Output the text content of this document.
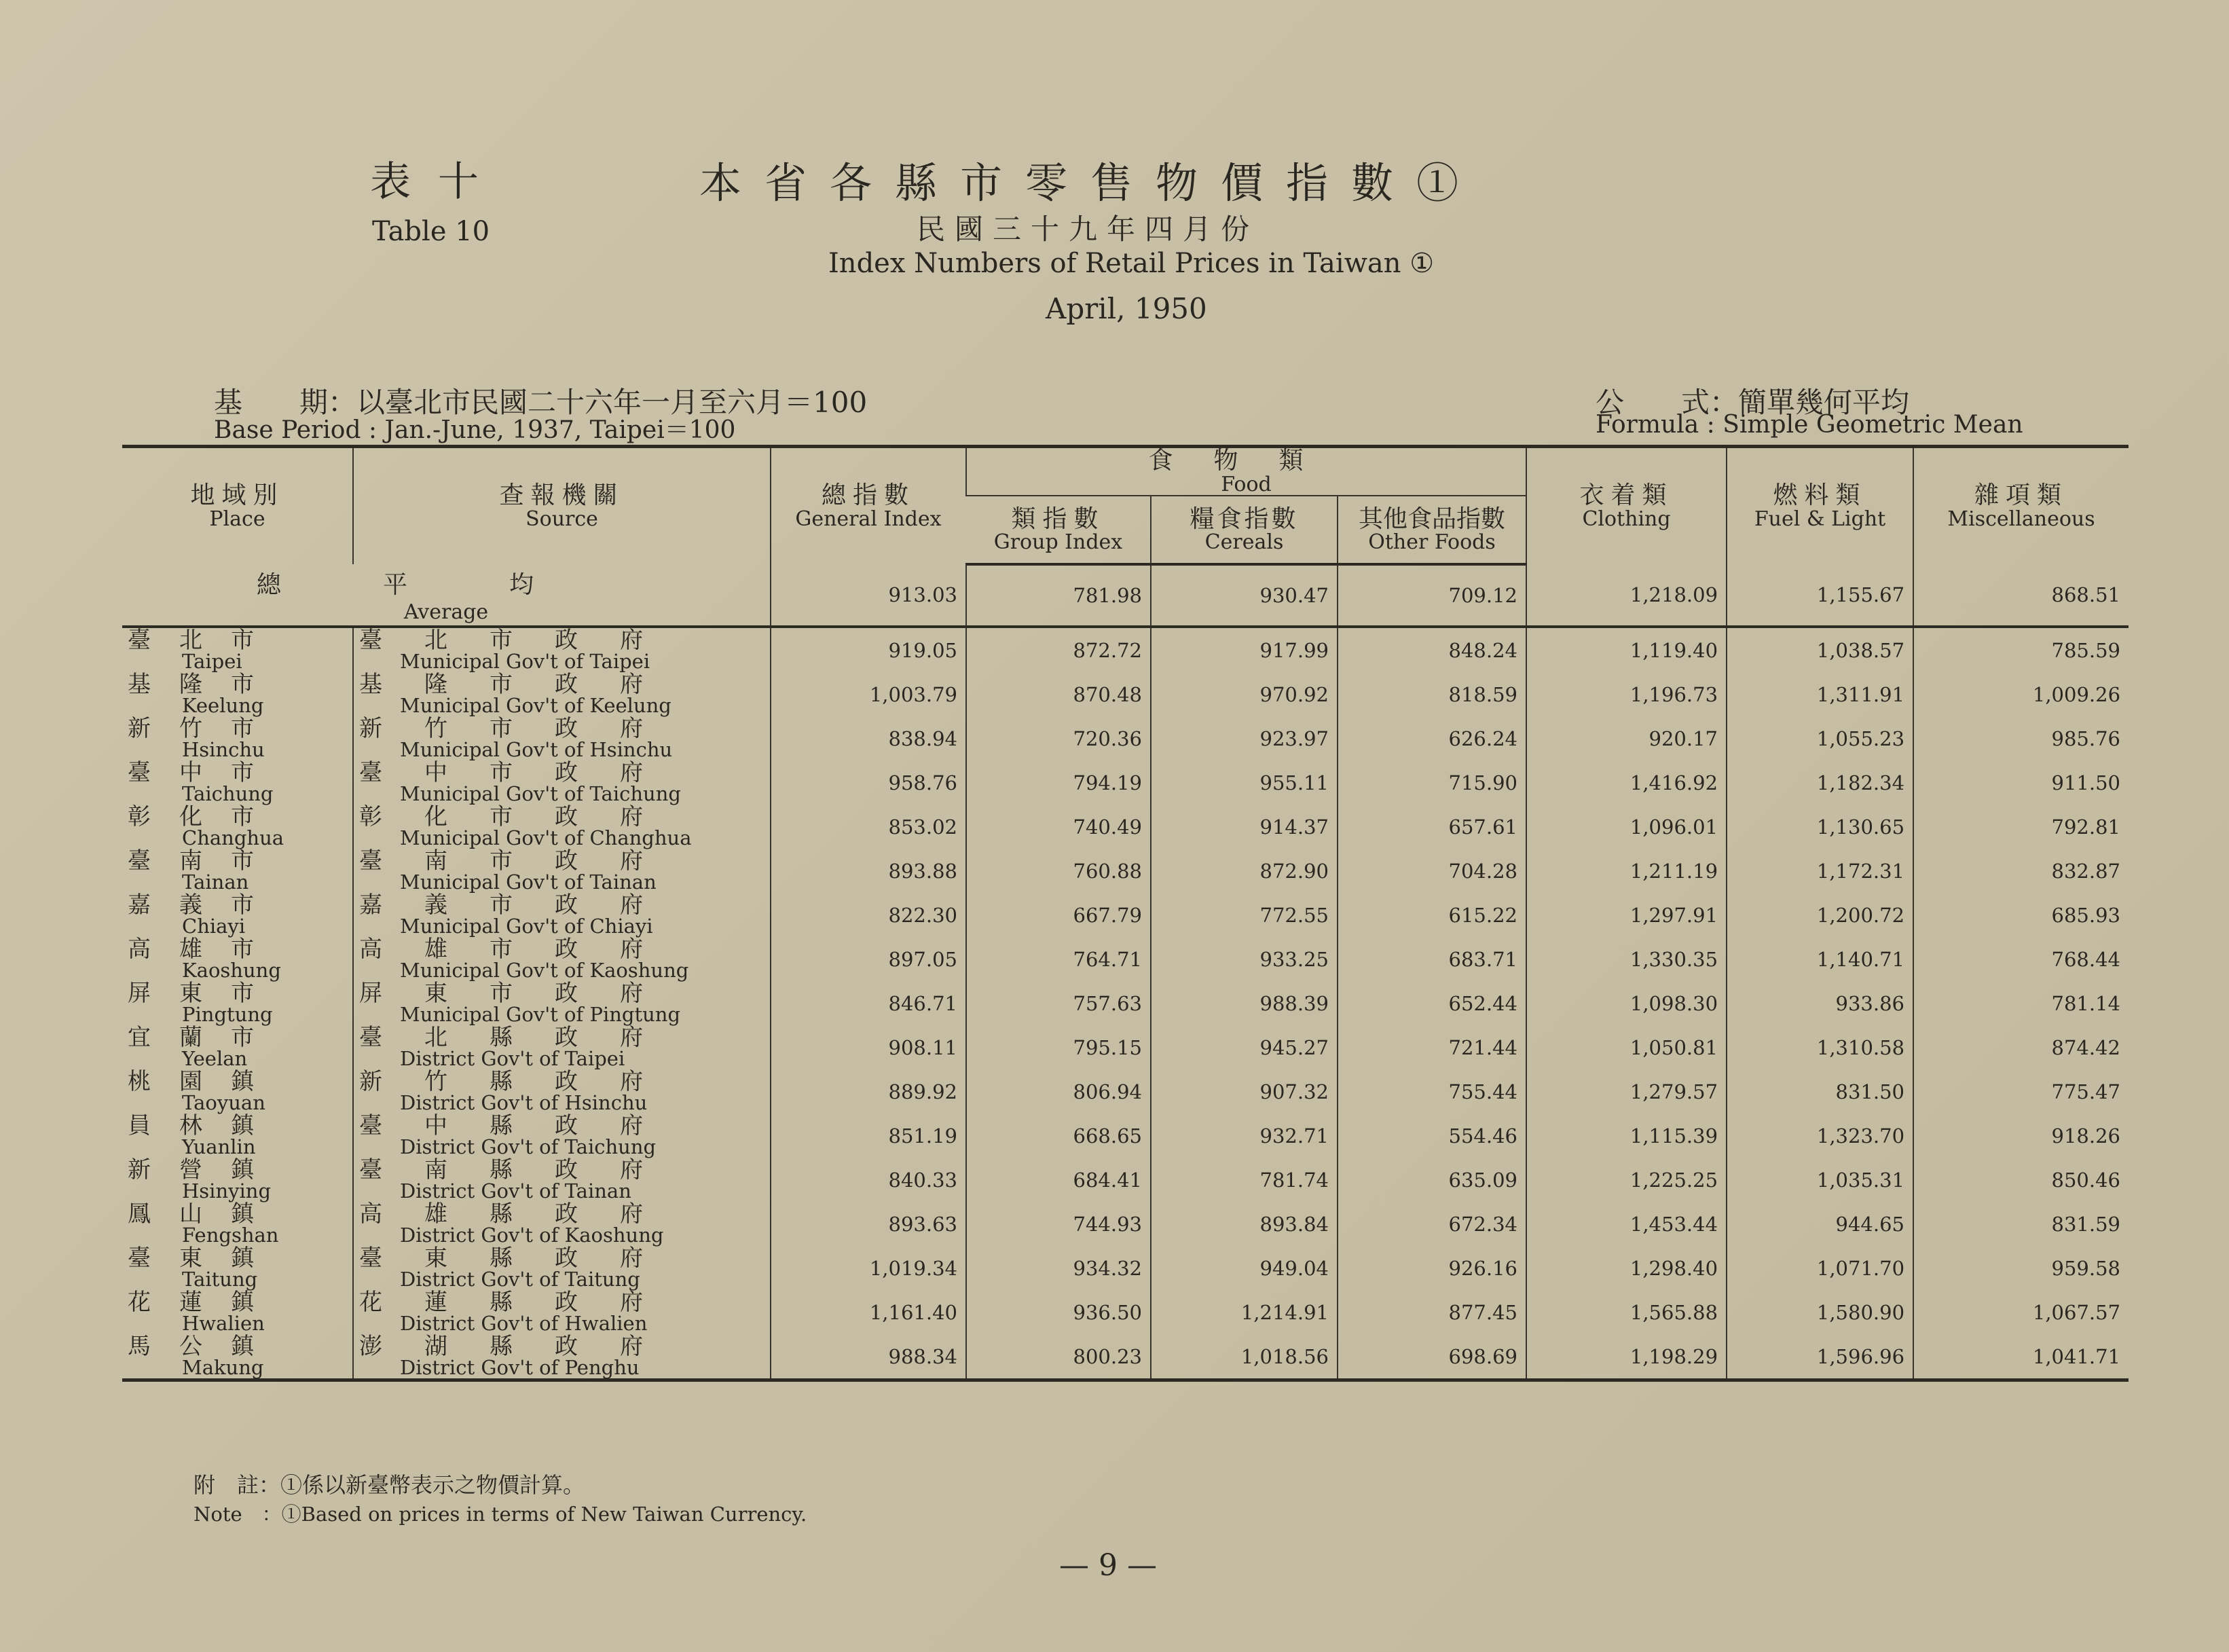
表十
Table 10
本省各縣市零售物價指數①
民國三十九年四月份
Index Numbers of Retail Prices in Taiwan ①
April, 1950
基　　期：以臺北市民國二十六年一月至六月＝100
Base Period : Jan.-June, 1937, Taipei＝100
公　　式：簡單幾何平均
Formula : Simple Geometric Mean
地域別
Place	查報機關
Source	總指數
General Index	食物類
Food			衣着類
Clothing	燃料類
Fuel & Light	雜項類
Miscellaneous

			類指數
Group Index	糧食指數
Cereals	其他食品指數
Other Foods			

總平均
Average		913.03	781.98	930.47	709.12	1,218.09	1,155.67	868.51

臺北市
Taipei	臺北市政府
Municipal Gov't of Taipei	919.05	872.72	917.99	848.24	1,119.40	1,038.57	785.59

基隆市
Keelung	基隆市政府
Municipal Gov't of Keelung	1,003.79	870.48	970.92	818.59	1,196.73	1,311.91	1,009.26

新竹市
Hsinchu	新竹市政府
Municipal Gov't of Hsinchu	838.94	720.36	923.97	626.24	920.17	1,055.23	985.76

臺中市
Taichung	臺中市政府
Municipal Gov't of Taichung	958.76	794.19	955.11	715.90	1,416.92	1,182.34	911.50

彰化市
Changhua	彰化市政府
Municipal Gov't of Changhua	853.02	740.49	914.37	657.61	1,096.01	1,130.65	792.81

臺南市
Tainan	臺南市政府
Municipal Gov't of Tainan	893.88	760.88	872.90	704.28	1,211.19	1,172.31	832.87

嘉義市
Chiayi	嘉義市政府
Municipal Gov't of Chiayi	822.30	667.79	772.55	615.22	1,297.91	1,200.72	685.93

高雄市
Kaoshung	高雄市政府
Municipal Gov't of Kaoshung	897.05	764.71	933.25	683.71	1,330.35	1,140.71	768.44

屏東市
Pingtung	屏東市政府
Municipal Gov't of Pingtung	846.71	757.63	988.39	652.44	1,098.30	933.86	781.14

宜蘭市
Yeelan	臺北縣政府
District Gov't of Taipei	908.11	795.15	945.27	721.44	1,050.81	1,310.58	874.42

桃園鎮
Taoyuan	新竹縣政府
District Gov't of Hsinchu	889.92	806.94	907.32	755.44	1,279.57	831.50	775.47

員林鎮
Yuanlin	臺中縣政府
District Gov't of Taichung	851.19	668.65	932.71	554.46	1,115.39	1,323.70	918.26

新營鎮
Hsinying	臺南縣政府
District Gov't of Tainan	840.33	684.41	781.74	635.09	1,225.25	1,035.31	850.46

鳳山鎮
Fengshan	高雄縣政府
District Gov't of Kaoshung	893.63	744.93	893.84	672.34	1,453.44	944.65	831.59

臺東鎮
Taitung	臺東縣政府
District Gov't of Taitung	1,019.34	934.32	949.04	926.16	1,298.40	1,071.70	959.58

花蓮鎮
Hwalien	花蓮縣政府
District Gov't of Hwalien	1,161.40	936.50	1,214.91	877.45	1,565.88	1,580.90	1,067.57

馬公鎮
Makung	澎湖縣政府
District Gov't of Penghu	988.34	800.23	1,018.56	698.69	1,198.29	1,596.96	1,041.71
附　註：①係以新臺幣表示之物價計算。
Note　：①Based on prices in terms of New Taiwan Currency.
— 9 —
